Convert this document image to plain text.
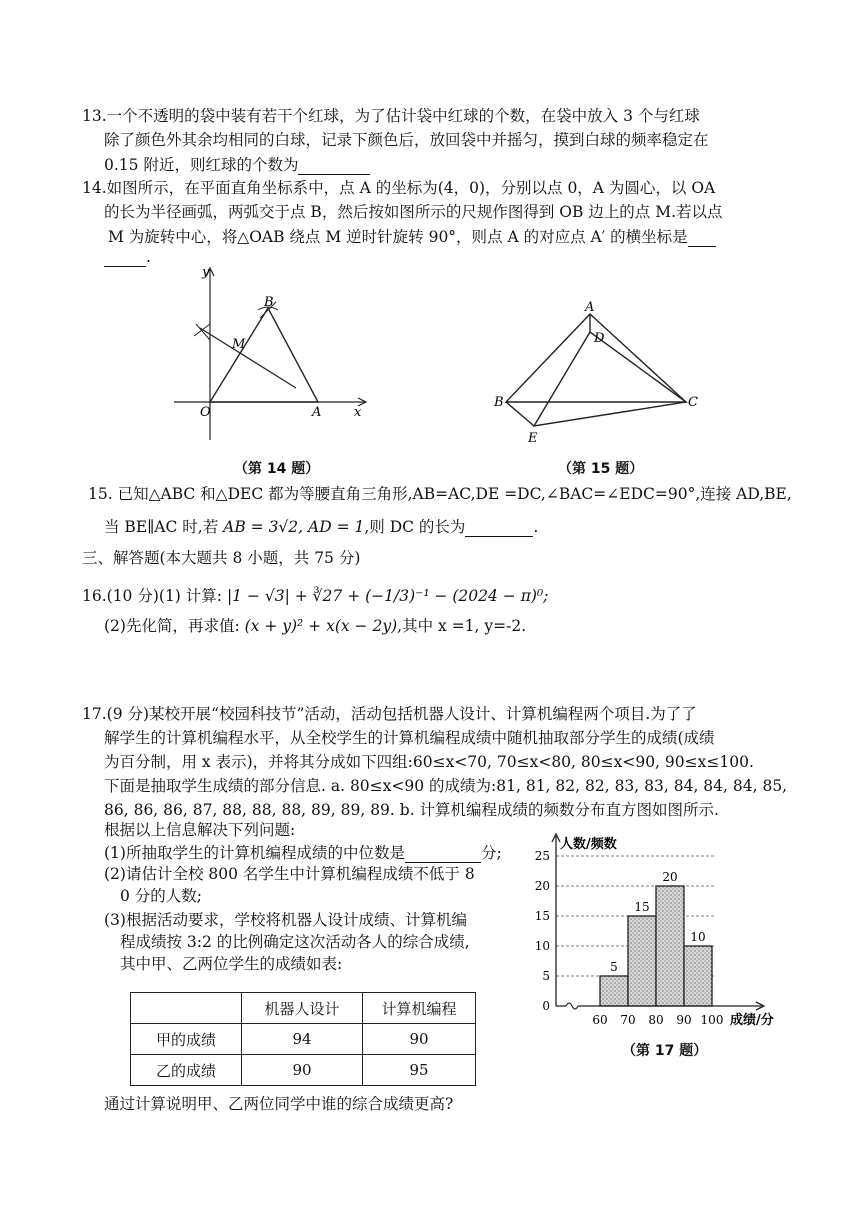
13.一个不透明的袋中装有若干个红球，为了估计袋中红球的个数，在袋中放入 3 个与红球
除了颜色外其余均相同的白球，记录下颜色后，放回袋中并摇匀，摸到白球的频率稳定在
0.15 附近，则红球的个数为
14.如图所示，在平面直角坐标系中，点 A 的坐标为(4，0)，分别以点 0，A 为圆心，以 OA
的长为半径画弧，两弧交于点 B，然后按如图所示的尺规作图得到 OB 边上的点 M.若以点
M 为旋转中心，将△OAB 绕点 M 逆时针旋转 90°，则点 A 的对应点 A′ 的横坐标是
.
y
x
O	A
B
M
（第 14 题）
A
D
B	C
E
（第 15 题）
15. 已知△ABC 和△DEC 都为等腰直角三角形,AB=AC,DE =DC,∠BAC=∠EDC=90°,连接 AD,BE,
当 BE∥AC 时,若 AB = 3√2, AD = 1,则 DC 的长为	.
三、解答题(本大题共 8 小题，共 75 分)
16.(10 分)(1) 计算: |1 − √3| + ∛27 + (−1/3)⁻¹ − (2024 − π)⁰;
(2)先化简，再求值: (x + y)² + x(x − 2y),其中 x =1, y=-2.
17.(9 分)某校开展“校园科技节”活动，活动包括机器人设计、计算机编程两个项目.为了了
解学生的计算机编程水平，从全校学生的计算机编程成绩中随机抽取部分学生的成绩(成绩
为百分制，用 x 表示)，并将其分成如下四组:60≤x<70, 70≤x<80, 80≤x<90, 90≤x≤100.
下面是抽取学生成绩的部分信息. a. 80≤x<90 的成绩为:81, 81, 82, 82, 83, 83, 84, 84, 84, 85,
86, 86, 86, 87, 88, 88, 88, 89, 89, 89. b. 计算机编程成绩的频数分布直方图如图所示.
根据以上信息解决下列问题:
(1)所抽取学生的计算机编程成绩的中位数是	分;
(2)请估计全校 800 名学生中计算机编程成绩不低于 8
0 分的人数;
(3)根据活动要求，学校将机器人设计成绩、计算机编
程成绩按 3:2 的比例确定这次活动各人的综合成绩,
其中甲、乙两位学生的成绩如表:
	机器人设计	计算机编程
甲的成绩	94	90
乙的成绩	90	95
通过计算说明甲、乙两位同学中谁的综合成绩更高?
0
5
10
15
20
25
60 70 80 90 100
5
15
20
10
人数/频数
成绩/分
（第 17 题）
